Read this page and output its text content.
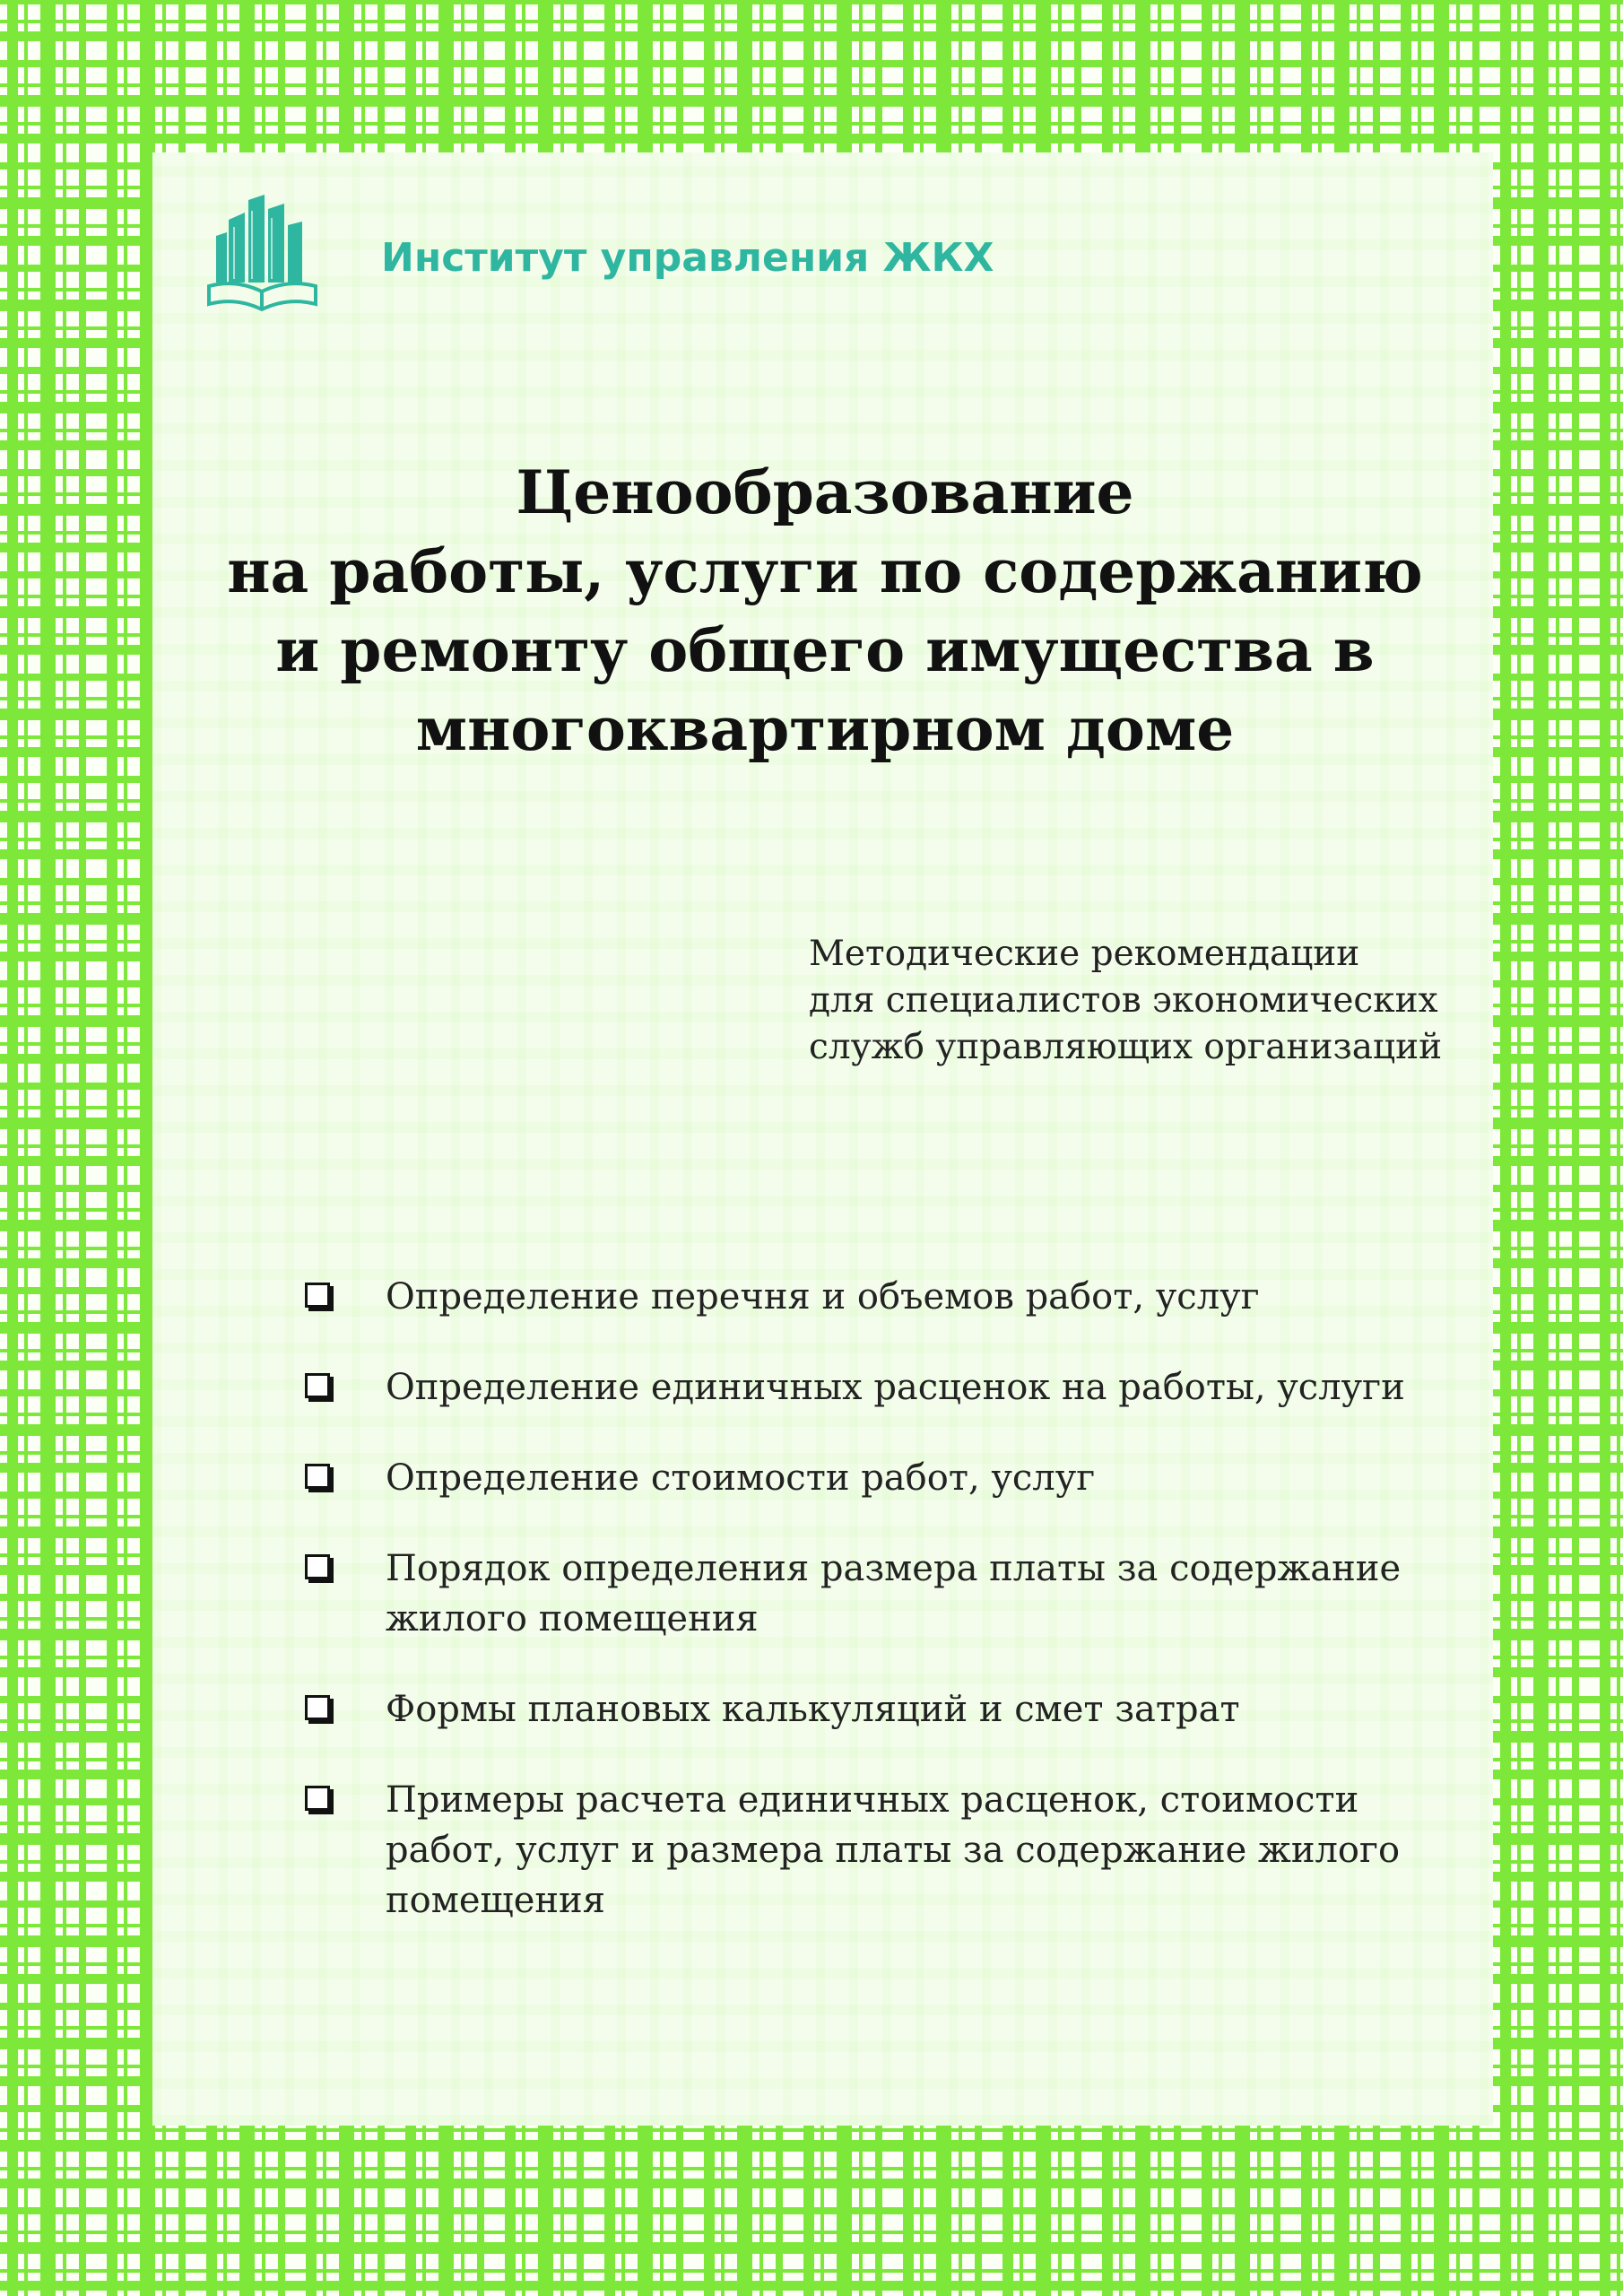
Институт управления ЖКХ
Ценообразование
на работы, услуги по содержанию
и ремонту общего имущества в
многоквартирном доме
Методические рекомендации
для специалистов экономических
служб управляющих организаций
Определение перечня и объемов работ, услуг
Определение единичных расценок на работы, услуги
Определение стоимости работ, услуг
Порядок определения размера платы за содержание
жилого помещения
Формы плановых калькуляций и смет затрат
Примеры расчета единичных расценок, стоимости
работ, услуг и размера платы за содержание жилого
помещения
